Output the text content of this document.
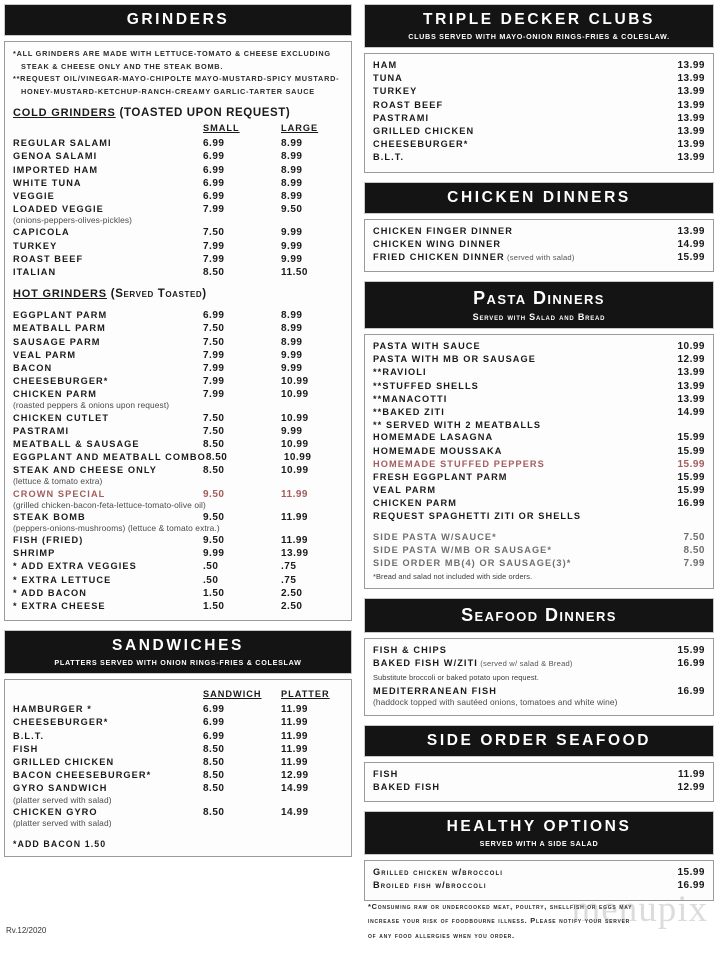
GRINDERS
*ALL GRINDERS ARE MADE WITH LETTUCE-TOMATO & CHEESE EXCLUDING
STEAK & CHEESE ONLY AND THE STEAK BOMB.
**REQUEST OIL/VINEGAR-MAYO-CHIPOLTE MAYO-MUSTARD-SPICY MUSTARD-
HONEY-MUSTARD-KETCHUP-RANCH-CREAMY GARLIC-TARTER SAUCE
COLD GRINDERS (TOASTED UPON REQUEST)
SMALL	LARGE
REGULAR SALAMI	6.99	8.99
GENOA SALAMI	6.99	8.99
IMPORTED HAM	6.99	8.99
WHITE TUNA	6.99	8.99
VEGGIE	6.99	8.99
LOADED VEGGIE	7.99	9.50
(onions-peppers-olives-pickles)
CAPICOLA	7.50	9.99
TURKEY	7.99	9.99
ROAST BEEF	7.99	9.99
ITALIAN	8.50	11.50
HOT GRINDERS (Served Toasted)
EGGPLANT PARM	6.99	8.99
MEATBALL PARM	7.50	8.99
SAUSAGE PARM	7.50	8.99
VEAL PARM	7.99	9.99
BACON	7.99	9.99
CHEESEBURGER*	7.99	10.99
CHICKEN PARM	7.99	10.99
(roasted peppers & onions upon request)
CHICKEN CUTLET	7.50	10.99
PASTRAMI	7.50	9.99
MEATBALL & SAUSAGE	8.50	10.99
EGGPLANT AND MEATBALL COMBO 8.50	10.99
STEAK AND CHEESE ONLY	8.50	10.99
(lettuce & tomato extra)
CROWN SPECIAL	9.50	11.99
(grilled chicken-bacon-feta-lettuce-tomato-olive oil)
STEAK BOMB	9.50	11.99
(peppers-onions-mushrooms) (lettuce & tomato extra.)
FISH (FRIED)	9.50	11.99
SHRIMP	9.99	13.99
* ADD EXTRA VEGGIES	.50	.75
* EXTRA LETTUCE	.50	.75
* ADD BACON	1.50	2.50
* EXTRA CHEESE	1.50	2.50
SANDWICHES
PLATTERS SERVED WITH ONION RINGS-FRIES & COLESLAW
SANDWICH	PLATTER
HAMBURGER *	6.99	11.99
CHEESEBURGER*	6.99	11.99
B.L.T.	6.99	11.99
FISH	8.50	11.99
GRILLED CHICKEN	8.50	11.99
BACON CHEESEBURGER*	8.50	12.99
GYRO SANDWICH	8.50	14.99
(platter served with salad)
CHICKEN GYRO	8.50	14.99
(platter served with salad)
*ADD BACON 1.50
Rv.12/2020
TRIPLE DECKER CLUBS
CLUBS SERVED WITH MAYO-ONION RINGS-FRIES & COLESLAW.
HAM	13.99
TUNA	13.99
TURKEY	13.99
ROAST BEEF	13.99
PASTRAMI	13.99
GRILLED CHICKEN	13.99
CHEESEBURGER*	13.99
B.L.T.	13.99
CHICKEN DINNERS
CHICKEN FINGER DINNER	13.99
CHICKEN WING DINNER	14.99
FRIED CHICKEN DINNER (served with salad)	15.99
Pasta Dinners
Served with Salad and Bread
PASTA WITH SAUCE	10.99
PASTA WITH MB OR SAUSAGE	12.99
**RAVIOLI	13.99
**STUFFED SHELLS	13.99
**MANACOTTI	13.99
**BAKED ZITI	14.99
** SERVED WITH 2 MEATBALLS
HOMEMADE LASAGNA	15.99
HOMEMADE MOUSSAKA	15.99
HOMEMADE STUFFED PEPPERS	15.99
FRESH EGGPLANT PARM	15.99
VEAL PARM	15.99
CHICKEN PARM	16.99
REQUEST SPAGHETTI ZITI OR SHELLS
SIDE PASTA W/SAUCE*	7.50
SIDE PASTA W/MB OR SAUSAGE*	8.50
SIDE ORDER MB(4) OR SAUSAGE(3)*	7.99
*Bread and salad not included with side orders.
Seafood Dinners
FISH & CHIPS	15.99
BAKED FISH W/ZITI (served w/ salad & Bread)	16.99
Substitute broccoli or baked potato upon request.
MEDITERRANEAN FISH	16.99
(haddock topped with sautéed onions, tomatoes and white wine)
SIDE ORDER SEAFOOD
FISH	11.99
BAKED FISH	12.99
HEALTHY OPTIONS
SERVED WITH A SIDE SALAD
Grilled chicken w/broccoli	15.99
Broiled fish w/broccoli	16.99
*Consuming raw or undercooked meat, poultry, shellfish or eggs may
increase your risk of foodbourne illness. Please notify your server
of any food allergies when you order.
menupix
